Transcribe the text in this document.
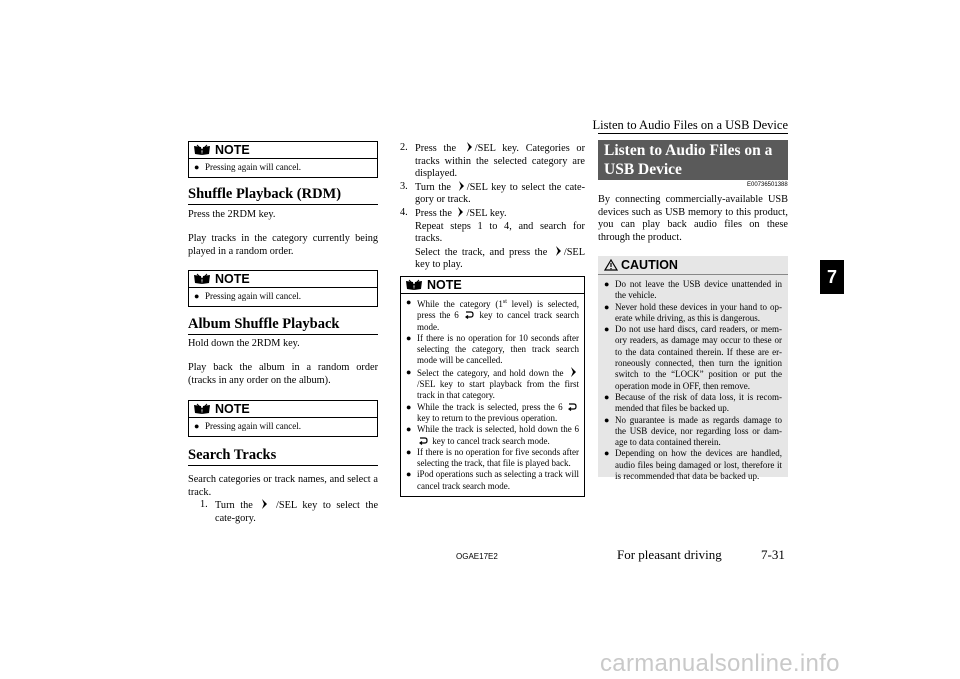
Listen to Audio Files on a USB Device
7
NOTE
● Pressing again will cancel.
Shuffle Playback (RDM)
Press the 2RDM key.
Play tracks in the category currently being played in a random order.
NOTE
● Pressing again will cancel.
Album Shuffle Playback
Hold down the 2RDM key.
Play back the album in a random order (tracks in any order on the album).
NOTE
● Pressing again will cancel.
Search Tracks
Search categories or track names, and select a track.
1. Turn the /SEL key to select the cate-gory.
2. Press the /SEL key. Categories or tracks within the selected category are displayed.
3. Turn the /SEL key to select the cate-gory or track.
4. Press the /SEL key.
Repeat steps 1 to 4, and search for tracks.
Select the track, and press the /SEL key to play.
NOTE
● While the category (1st level) is selected, press the 6 key to cancel track search mode.
● If there is no operation for 10 seconds after selecting the category, then track search mode will be cancelled.
● Select the category, and hold down the /SEL key to start playback from the first track in that category.
● While the track is selected, press the 6  key to return to the previous operation.
● While the track is selected, hold down the 6  key to cancel track search mode.
● If there is no operation for five seconds after selecting the track, that file is played back.
● iPod operations such as selecting a track will cancel track search mode.
Listen to Audio Files on a USB Device
E00736501388
By connecting commercially-available USB devices such as USB memory to this product, you can play back audio files on these through the product.
CAUTION
● Do not leave the USB device unattended in the vehicle.
● Never hold these devices in your hand to op-erate while driving, as this is dangerous.
● Do not use hard discs, card readers, or mem-ory readers, as damage may occur to these or to the data contained therein. If these are er-roneously connected, then turn the ignition switch to the “LOCK” position or put the operation mode in OFF, then remove.
● Because of the risk of data loss, it is recom-mended that files be backed up.
● No guarantee is made as regards damage to the USB device, nor regarding loss or dam-age to data contained therein.
● Depending on how the devices are handled, audio files being damaged or lost, therefore it is recommended that data be backed up.
OGAE17E2	For pleasant driving	7-31
carmanualsonline.info
